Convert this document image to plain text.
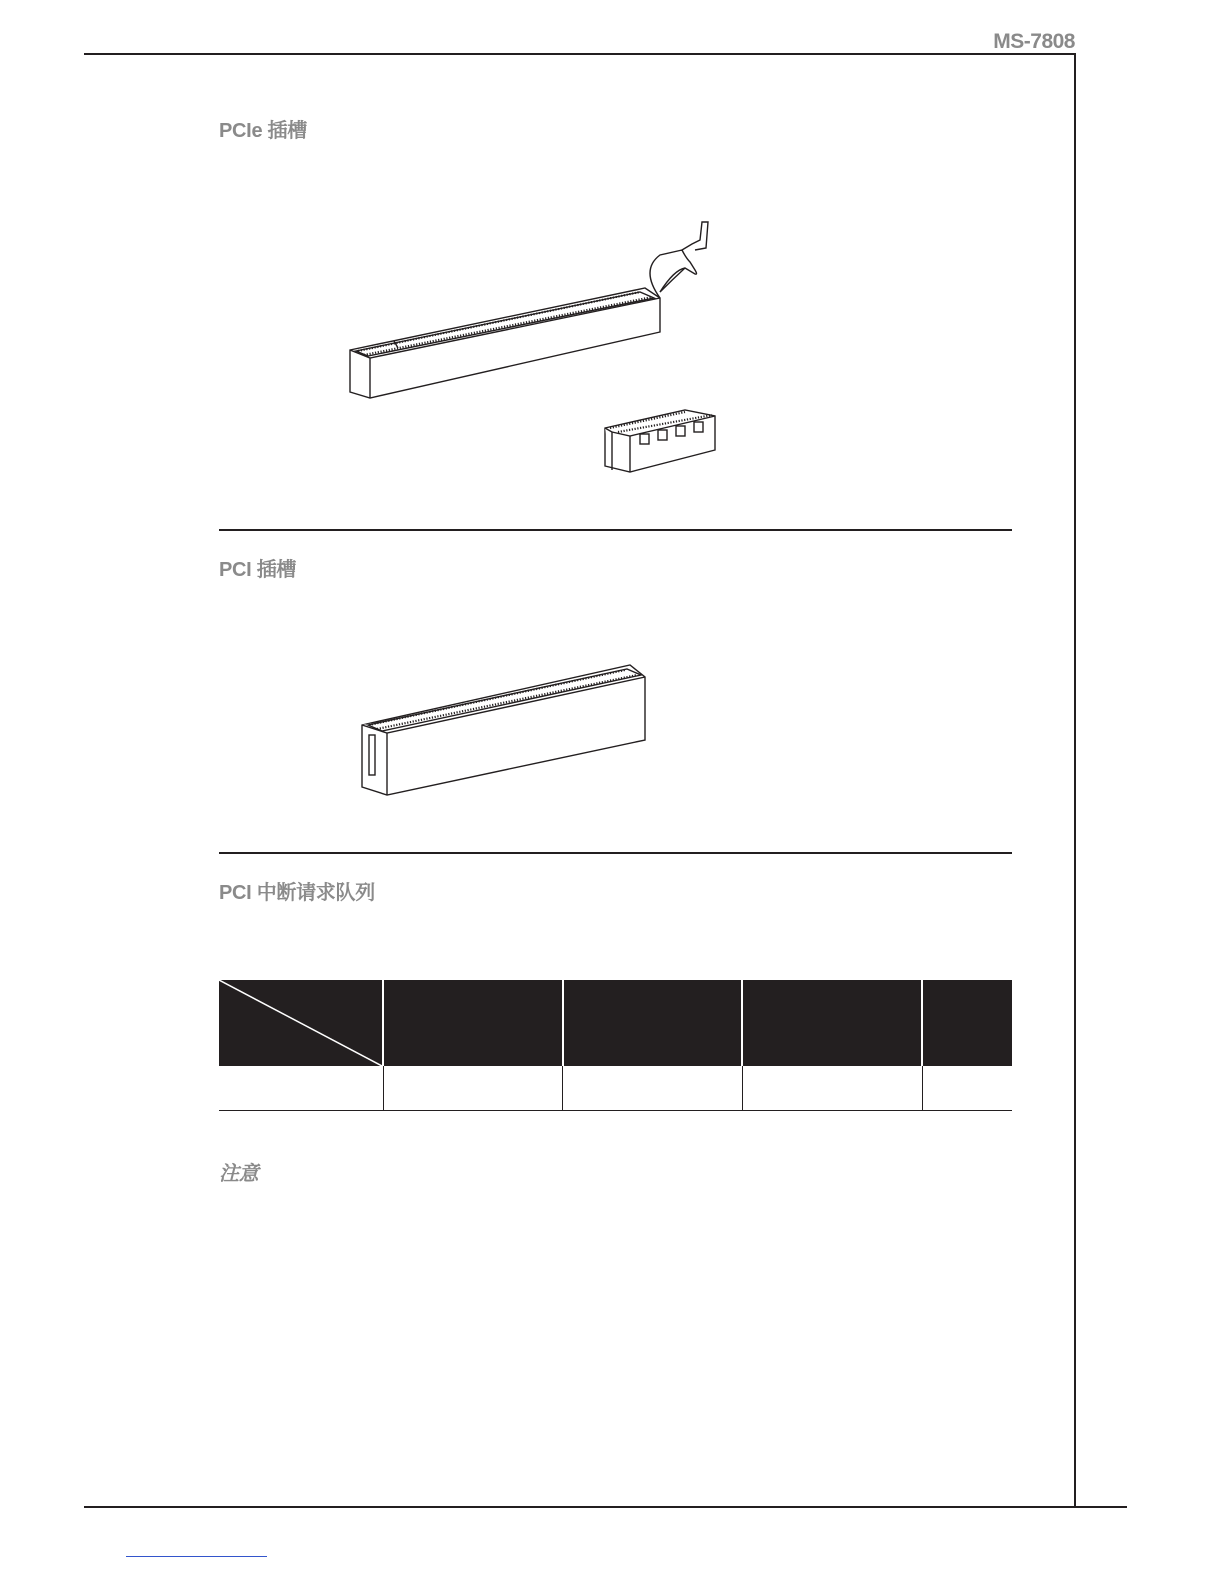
MS-7808
PCIe 插槽
PCI 插槽
PCI 中断请求队列

注意
